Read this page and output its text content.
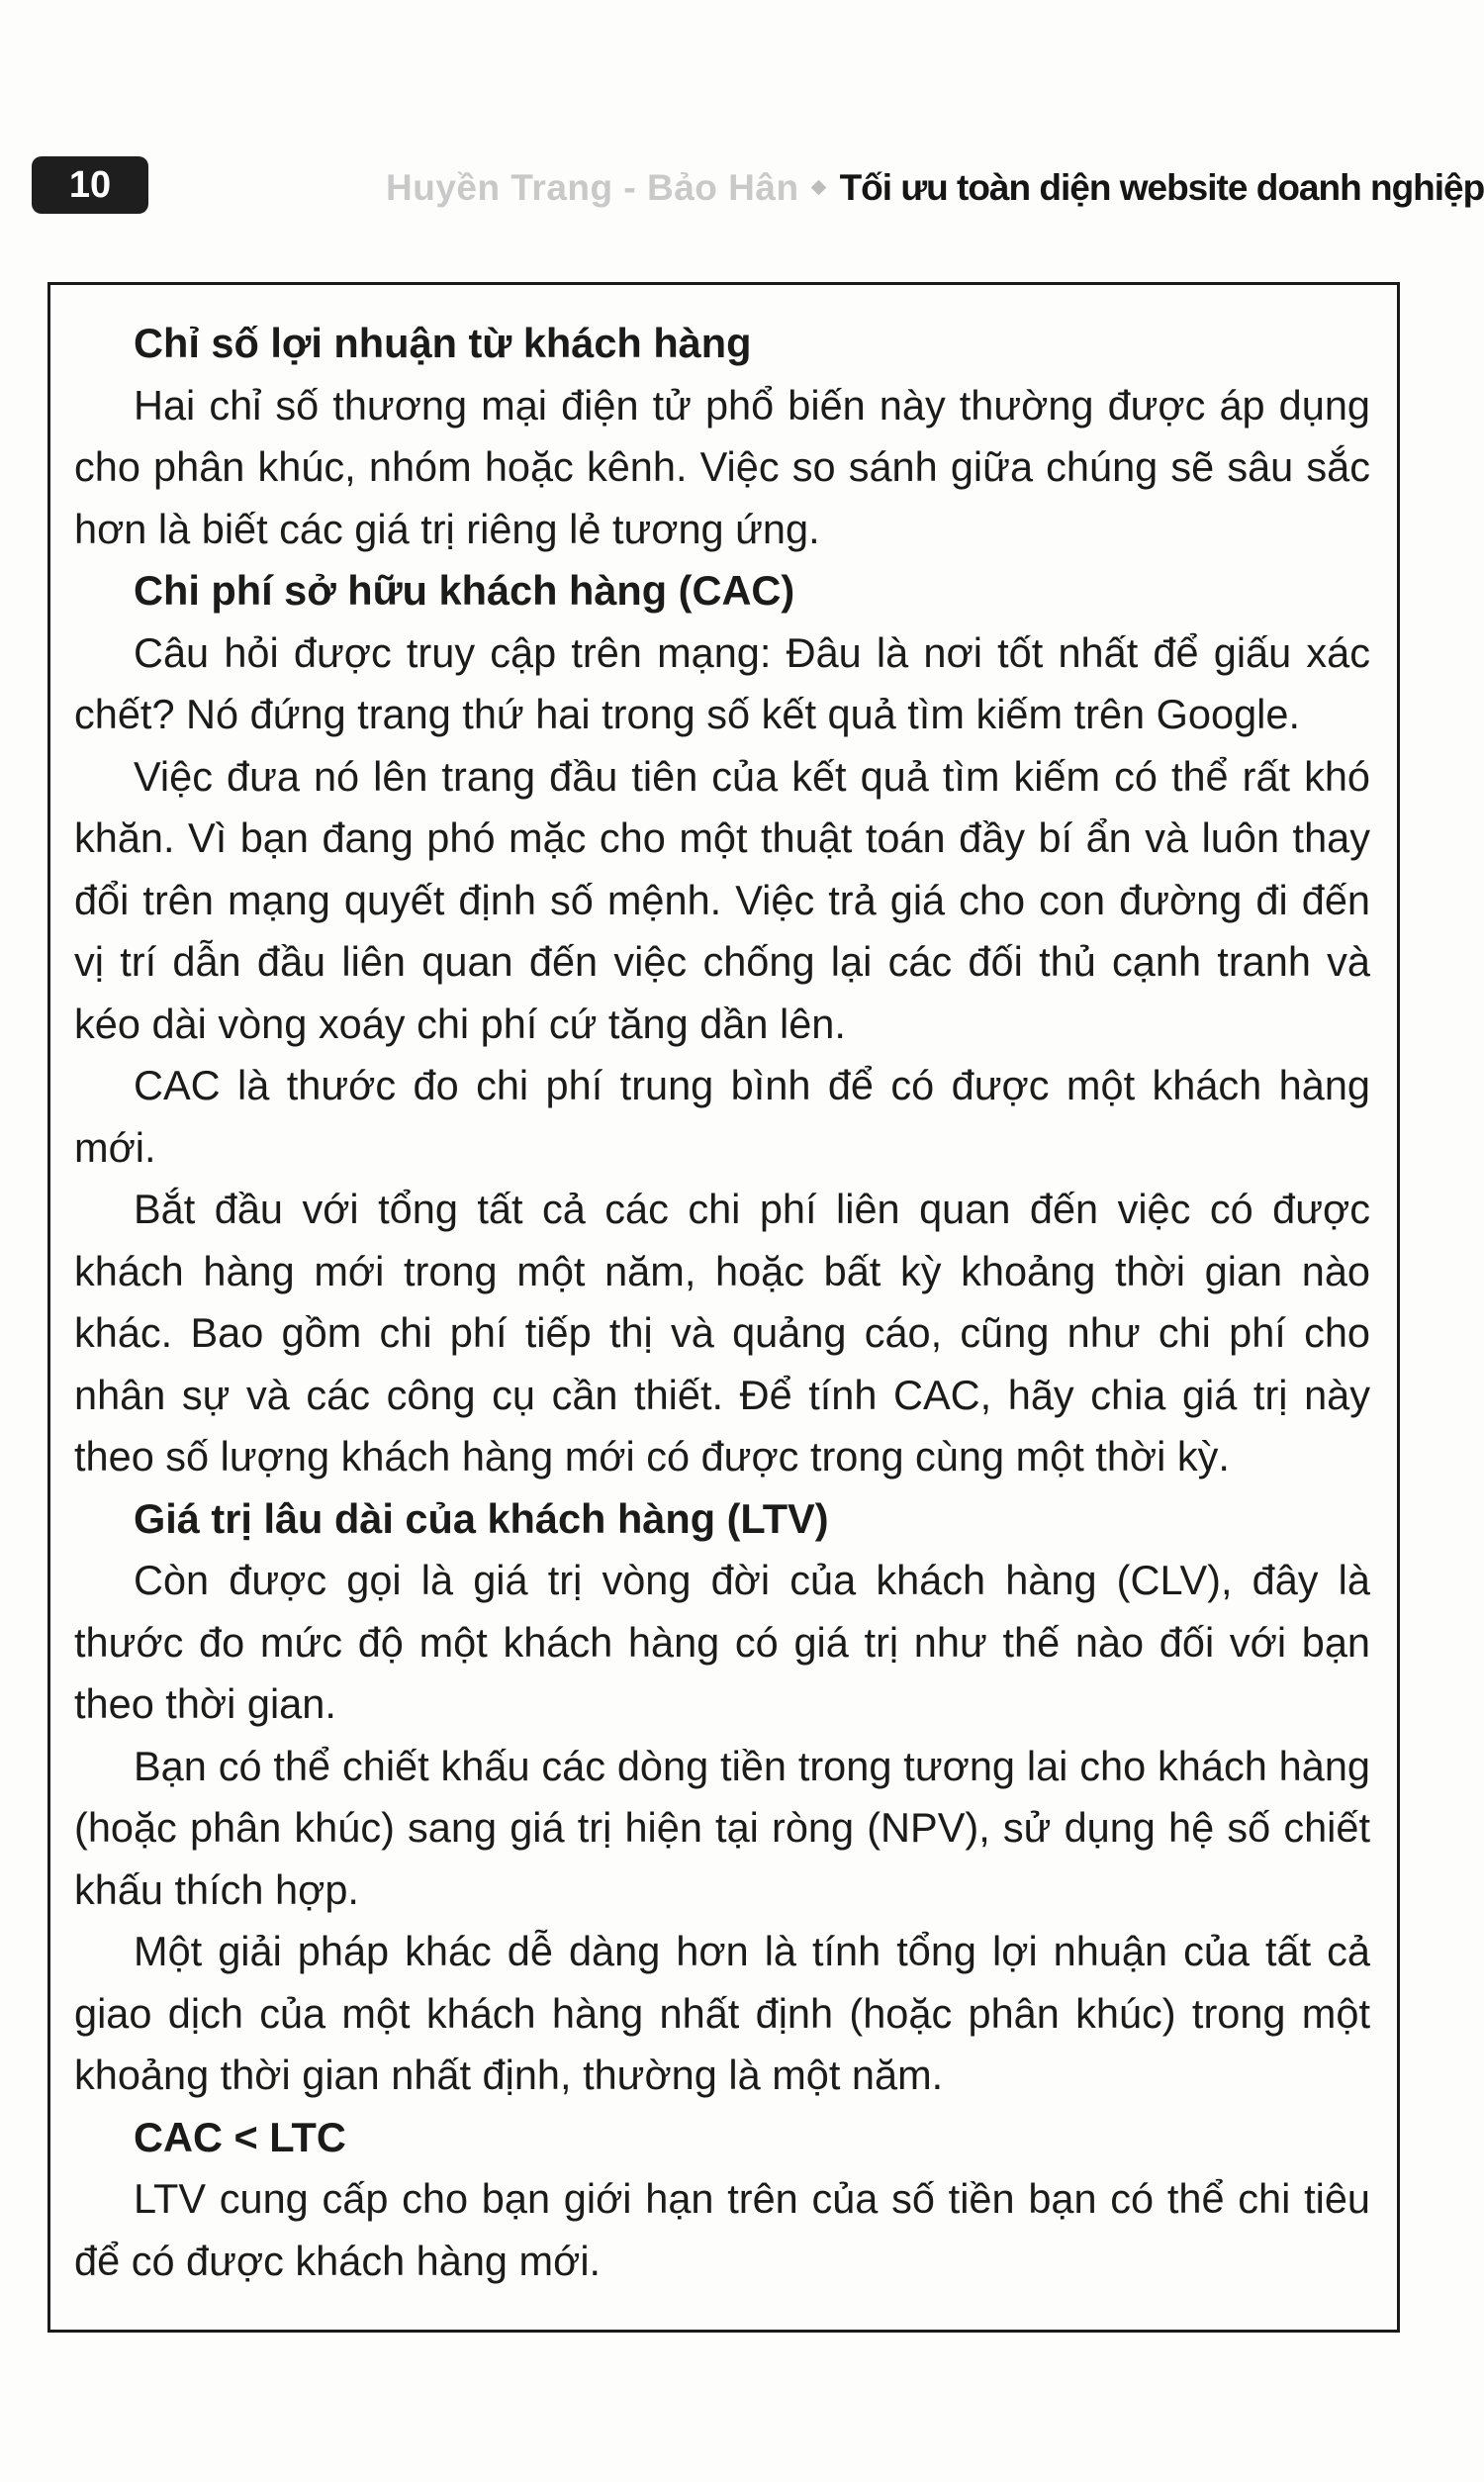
10	Huyền Trang - Bảo Hân Tối ưu toàn diện website doanh nghiệp
Chỉ số lợi nhuận từ khách hàng

Hai chỉ số thương mại điện tử phổ biến này thường được áp dụng cho phân khúc, nhóm hoặc kênh. Việc so sánh giữa chúng sẽ sâu sắc hơn là biết các giá trị riêng lẻ tương ứng.

Chi phí sở hữu khách hàng (CAC)

Câu hỏi được truy cập trên mạng: Đâu là nơi tốt nhất để giấu xác chết? Nó đứng trang thứ hai trong số kết quả tìm kiếm trên Google.

Việc đưa nó lên trang đầu tiên của kết quả tìm kiếm có thể rất khó khăn. Vì bạn đang phó mặc cho một thuật toán đầy bí ẩn và luôn thay đổi trên mạng quyết định số mệnh. Việc trả giá cho con đường đi đến vị trí dẫn đầu liên quan đến việc chống lại các đối thủ cạnh tranh và kéo dài vòng xoáy chi phí cứ tăng dần lên.

CAC là thước đo chi phí trung bình để có được một khách hàng mới.

Bắt đầu với tổng tất cả các chi phí liên quan đến việc có được khách hàng mới trong một năm, hoặc bất kỳ khoảng thời gian nào khác. Bao gồm chi phí tiếp thị và quảng cáo, cũng như chi phí cho nhân sự và các công cụ cần thiết. Để tính CAC, hãy chia giá trị này theo số lượng khách hàng mới có được trong cùng một thời kỳ.

Giá trị lâu dài của khách hàng (LTV)

Còn được gọi là giá trị vòng đời của khách hàng (CLV), đây là thước đo mức độ một khách hàng có giá trị như thế nào đối với bạn theo thời gian.

Bạn có thể chiết khấu các dòng tiền trong tương lai cho khách hàng (hoặc phân khúc) sang giá trị hiện tại ròng (NPV), sử dụng hệ số chiết khấu thích hợp.

Một giải pháp khác dễ dàng hơn là tính tổng lợi nhuận của tất cả giao dịch của một khách hàng nhất định (hoặc phân khúc) trong một khoảng thời gian nhất định, thường là một năm.

CAC < LTC

LTV cung cấp cho bạn giới hạn trên của số tiền bạn có thể chi tiêu để có được khách hàng mới.
